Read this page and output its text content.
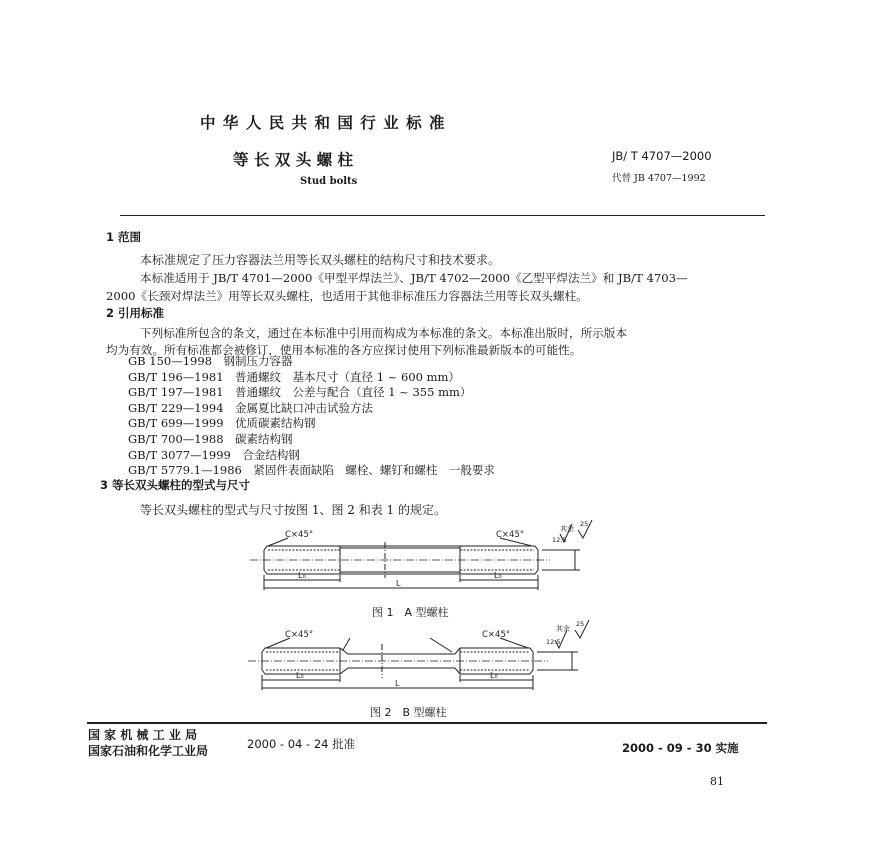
中 华 人 民 共 和 国 行 业 标 准
等 长 双 头 螺 柱
Stud bolts
JB/ T 4707—2000
代替 JB 4707—1992
1 范围
本标准规定了压力容器法兰用等长双头螺柱的结构尺寸和技术要求。
本标准适用于 JB/T 4701—2000《甲型平焊法兰》、JB/T 4702—2000《乙型平焊法兰》和 JB/T 4703—
2000《长颈对焊法兰》用等长双头螺柱，也适用于其他非标准压力容器法兰用等长双头螺柱。
2 引用标准
下列标准所包含的条文，通过在本标准中引用而构成为本标准的条文。本标准出版时，所示版本
均为有效。所有标准都会被修订，使用本标准的各方应探讨使用下列标准最新版本的可能性。
GB 150—1998　钢制压力容器
GB/T 196—1981　普通螺纹　基本尺寸（直径 1 ~ 600 mm）
GB/T 197—1981　普通螺纹　公差与配合（直径 1 ~ 355 mm）
GB/T 229—1994　金属夏比缺口冲击试验方法
GB/T 699—1999　优质碳素结构钢
GB/T 700—1988　碳素结构钢
GB/T 3077—1999　合金结构钢
GB/T 5779.1—1986　紧固件表面缺陷　螺栓、螺钉和螺柱　一般要求
3 等长双头螺柱的型式与尺寸
等长双头螺柱的型式与尺寸按图 1、图 2 和表 1 的规定。
C×45°	C×45°
其余
25
12.5
L₀	L₀
L
图 1　A 型螺柱
C×45°	C×45°
其余
25
12.5
L₀	L₀
L
图 2　B 型螺柱
国 家 机 械 工 业 局
国家石油和化学工业局	2000 - 04 - 24 批准	2000 - 09 - 30 实施
81
